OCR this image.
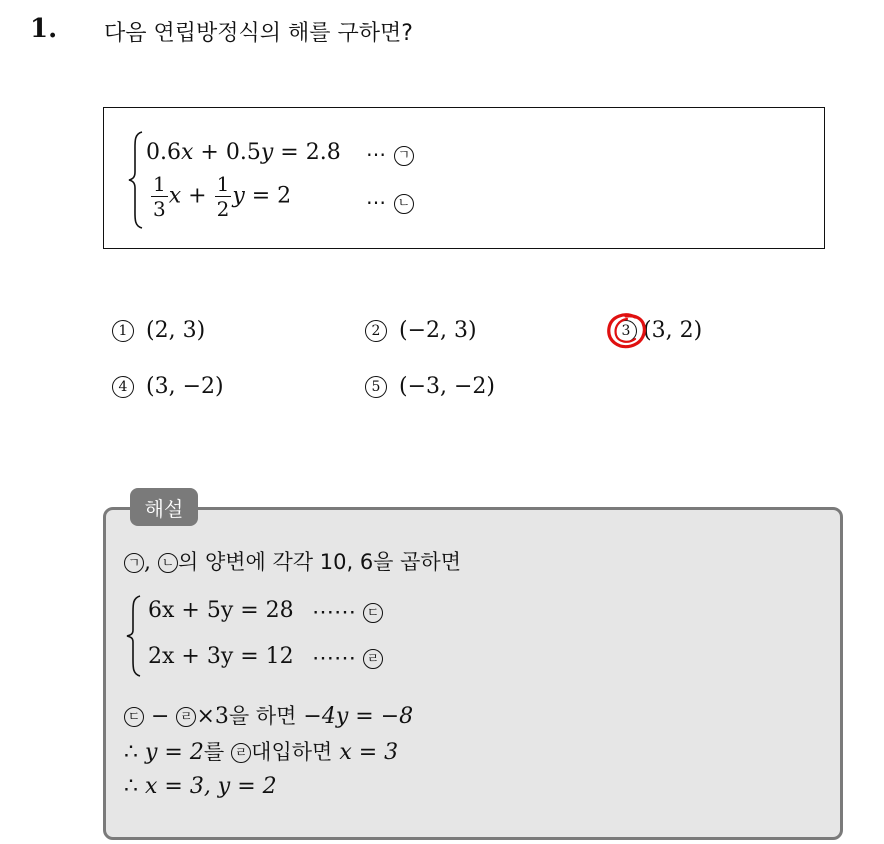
1. 다음 연립방정식의 해를 구하면?
0.6x + 0.5y = 2.8 ⋯ ㄱ
$\frac{1}{3}$ $x + \frac{1}{2}$ y = 2	⋯ ㄴ
1 (2, 3)	2 (−2, 3)	3 (3, 2)
4 (3, −2)	5 (−3, −2)
해설
ㄱ , ㄴ 의 양변에 각각 10, 6을 곱하면
6x + 5y = 28 ⋯⋯ ㄷ
2x + 3y = 12 ⋯⋯ ㄹ
ㄷ − ㄹ ×3을 하면 −4y = −8
∴ y = 2를 ㄹ 대입하면 x = 3
∴ x = 3, y = 2
